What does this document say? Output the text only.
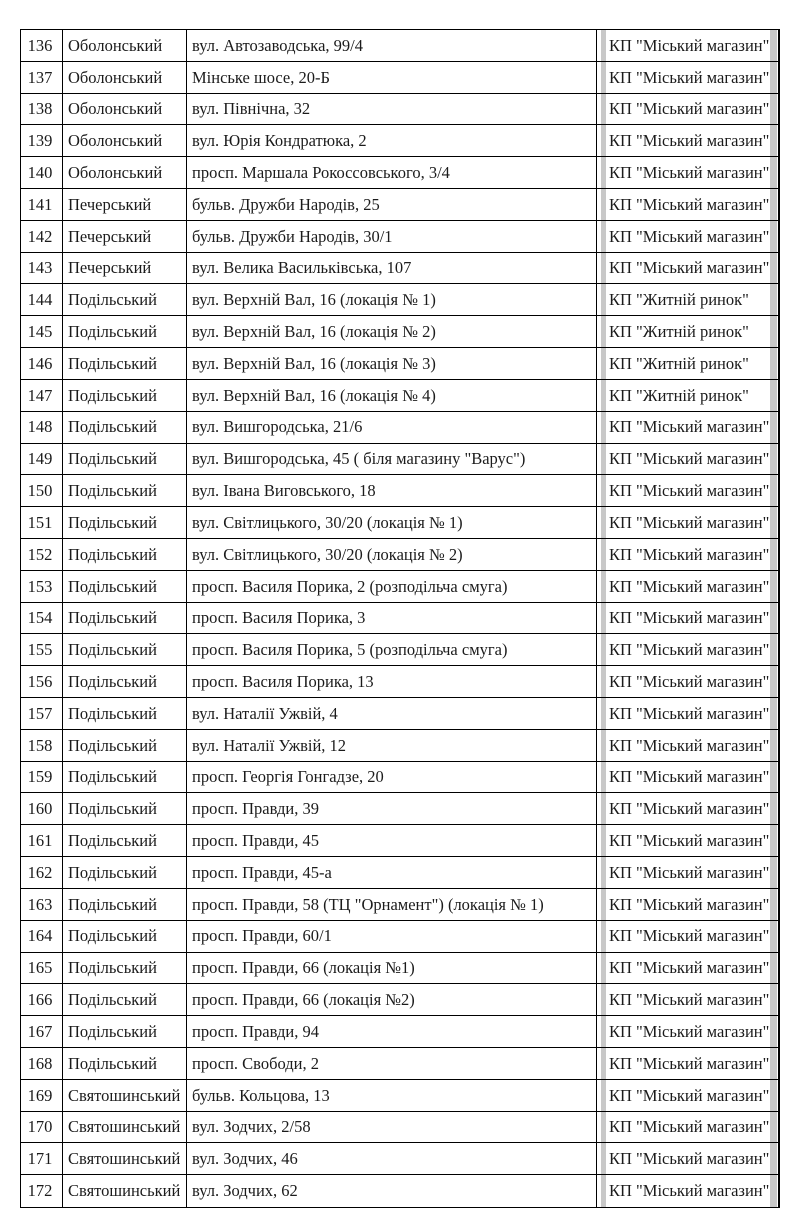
136 Оболонський	вул. Автозаводська, 99/4	КП "Міський магазин"
137 Оболонський	Мінське шосе, 20-Б	КП "Міський магазин"
138 Оболонський	вул. Північна, 32	КП "Міський магазин"
139 Оболонський	вул. Юрія Кондратюка, 2	КП "Міський магазин"
140 Оболонський	просп. Маршала Рокоссовського, 3/4	КП "Міський магазин"
141 Печерський	бульв. Дружби Народів, 25	КП "Міський магазин"
142 Печерський	бульв. Дружби Народів, 30/1	КП "Міський магазин"
143 Печерський	вул. Велика Васильківська, 107	КП "Міський магазин"
144 Подільський	вул. Верхній Вал, 16 (локація № 1)	КП "Житній ринок"
145 Подільський	вул. Верхній Вал, 16 (локація № 2)	КП "Житній ринок"
146 Подільський	вул. Верхній Вал, 16 (локація № 3)	КП "Житній ринок"
147 Подільський	вул. Верхній Вал, 16 (локація № 4)	КП "Житній ринок"
148 Подільський	вул. Вишгородська, 21/6	КП "Міський магазин"
149 Подільський	вул. Вишгородська, 45 ( біля магазину "Варус")	КП "Міський магазин"
150 Подільський	вул. Івана Виговського, 18	КП "Міський магазин"
151 Подільський	вул. Світлицького, 30/20 (локація № 1)	КП "Міський магазин"
152 Подільський	вул. Світлицького, 30/20 (локація № 2)	КП "Міський магазин"
153 Подільський	просп. Василя Порика, 2 (розподільча смуга)	КП "Міський магазин"
154 Подільський	просп. Василя Порика, 3	КП "Міський магазин"
155 Подільський	просп. Василя Порика, 5 (розподільча смуга)	КП "Міський магазин"
156 Подільський	просп. Василя Порика, 13	КП "Міський магазин"
157 Подільський	вул. Наталії Ужвій, 4	КП "Міський магазин"
158 Подільський	вул. Наталії Ужвій, 12	КП "Міський магазин"
159 Подільський	просп. Георгія Гонгадзе, 20	КП "Міський магазин"
160 Подільський	просп. Правди, 39	КП "Міський магазин"
161 Подільський	просп. Правди, 45	КП "Міський магазин"
162 Подільський	просп. Правди, 45-а	КП "Міський магазин"
163 Подільський	просп. Правди, 58 (ТЦ "Орнамент") (локація № 1)	КП "Міський магазин"
164 Подільський	просп. Правди, 60/1	КП "Міський магазин"
165 Подільський	просп. Правди, 66 (локація №1)	КП "Міський магазин"
166 Подільський	просп. Правди, 66 (локація №2)	КП "Міський магазин"
167 Подільський	просп. Правди, 94	КП "Міський магазин"
168 Подільський	просп. Свободи, 2	КП "Міський магазин"
169 Святошинський бульв. Кольцова, 13	КП "Міський магазин"
170 Святошинський вул. Зодчих, 2/58	КП "Міський магазин"
171 Святошинський вул. Зодчих, 46	КП "Міський магазин"
172 Святошинський вул. Зодчих, 62	КП "Міський магазин"
